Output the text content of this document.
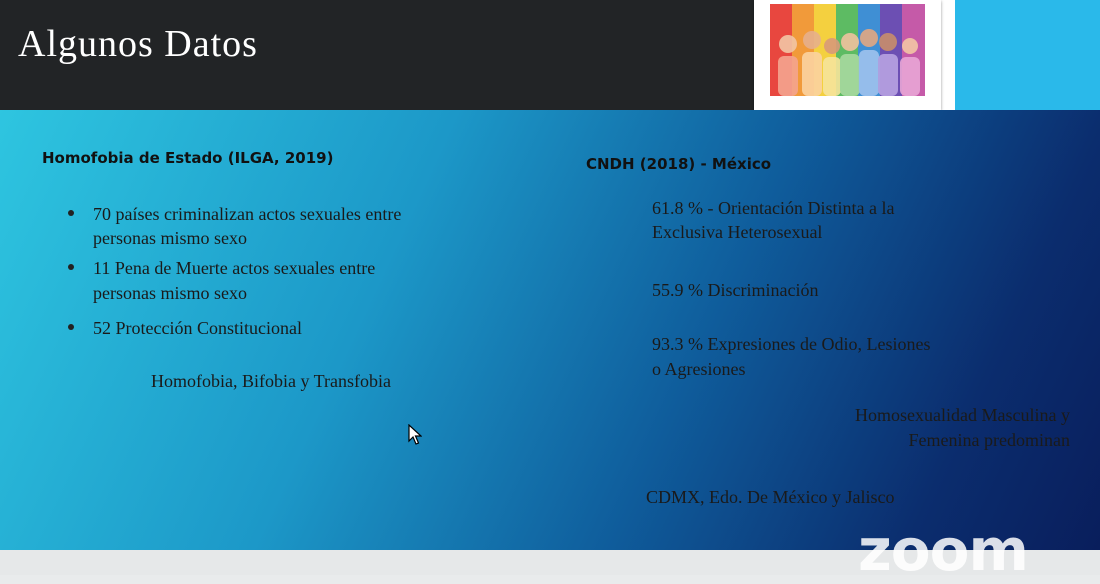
Algunos Datos
Homofobia de Estado (ILGA, 2019)
70 países criminalizan actos sexuales entre
personas mismo sexo
11 Pena de Muerte actos sexuales entre
personas mismo sexo
52 Protección Constitucional
Homofobia, Bifobia y Transfobia
CNDH (2018) - México
61.8 % - Orientación Distinta a la
Exclusiva Heterosexual
55.9 % Discriminación
93.3 % Expresiones de Odio, Lesiones
o Agresiones
Homosexualidad Masculina y
Femenina predominan
CDMX, Edo. De México y Jalisco
zoom
